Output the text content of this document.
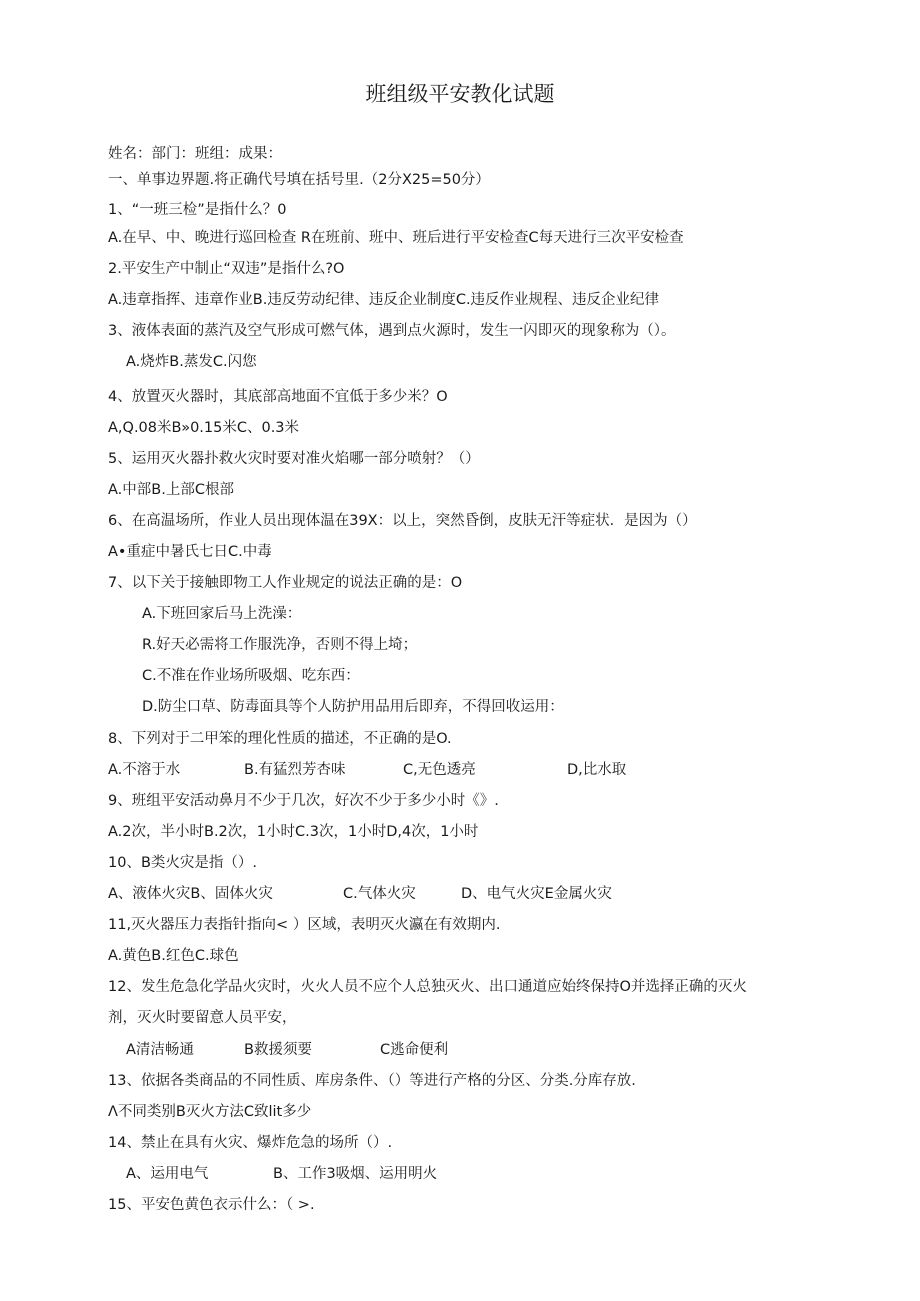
班组级平安教化试题
姓名：部门：班组：成果：
一、单事边界题.将正确代号填在括号里.（2分X25=50分）
1、“一班三检”是指什么？0
A.在早、中、晚进行巡回检查 R在班前、班中、班后进行平安检查C每天进行三次平安检查
2.平安生产中制止“双违”是指什么?O
A.违章指挥、违章作业B.违反劳动纪律、违反企业制度C.违反作业规程、违反企业纪律
3、液体表面的蒸汽及空气形成可燃气体，遇到点火源时，发生一闪即灭的现象称为（）。
A.烧炸B.蒸发C.闪您
4、放置灭火器时，其底部高地面不宜低于多少米？O
A,Q.08米B»0.15米C、0.3米
5、运用灭火器扑救火灾时要对准火焰哪一部分喷射？（）
A.中部B.上部C根部
6、在高温场所，作业人员出现体温在39X：以上，突然昏倒，皮肤无汗等症状．是因为（）
A•重症中暑氏七日C.中毒
7、以下关于接触即物工人作业规定的说法正确的是：O
A.下班回家后马上洗澡：
R.好天必需将工作服洗净，否则不得上埼；
C.不准在作业场所吸烟、吃东西：
D.防尘口草、防毒面具等个人防护用品用后即弃，不得回收运用：
8、下列对于二甲笨的理化性质的描述，不正确的是O.
A.不溶于水	B.有猛烈芳杏味	C,无色透亮	D,比水取
9、班组平安活动鼻月不少于几次，好次不少于多少小时《》.
A.2次，半小时B.2次，1小时C.3次，1小时D,4次，1小时
10、B类火灾是指（）.
A、液体火灾B、固体火灾	C.气体火灾	D、电气火灾E金属火灾
11,灭火器压力表指针指向< ）区域，表明灭火瀛在有效期内.
A.黄色B.红色C.球色
12、发生危急化学品火灾时，火火人员不应个人总独灭火、出口通道应始终保持O并选择正确的灭火
剂，灭火时要留意人员平安，
A清洁畅通	B救援须要	C逃命便利
13、依据各类商品的不同性质、库房条件、（）等进行产格的分区、分类.分库存放.
Λ不同类别B灭火方法C致lit多少
14、禁止在具有火灾、爆炸危急的场所（）.
A、运用电气	B、工作3吸烟、运用明火
15、平安色黄色衣示什么：（ >.
